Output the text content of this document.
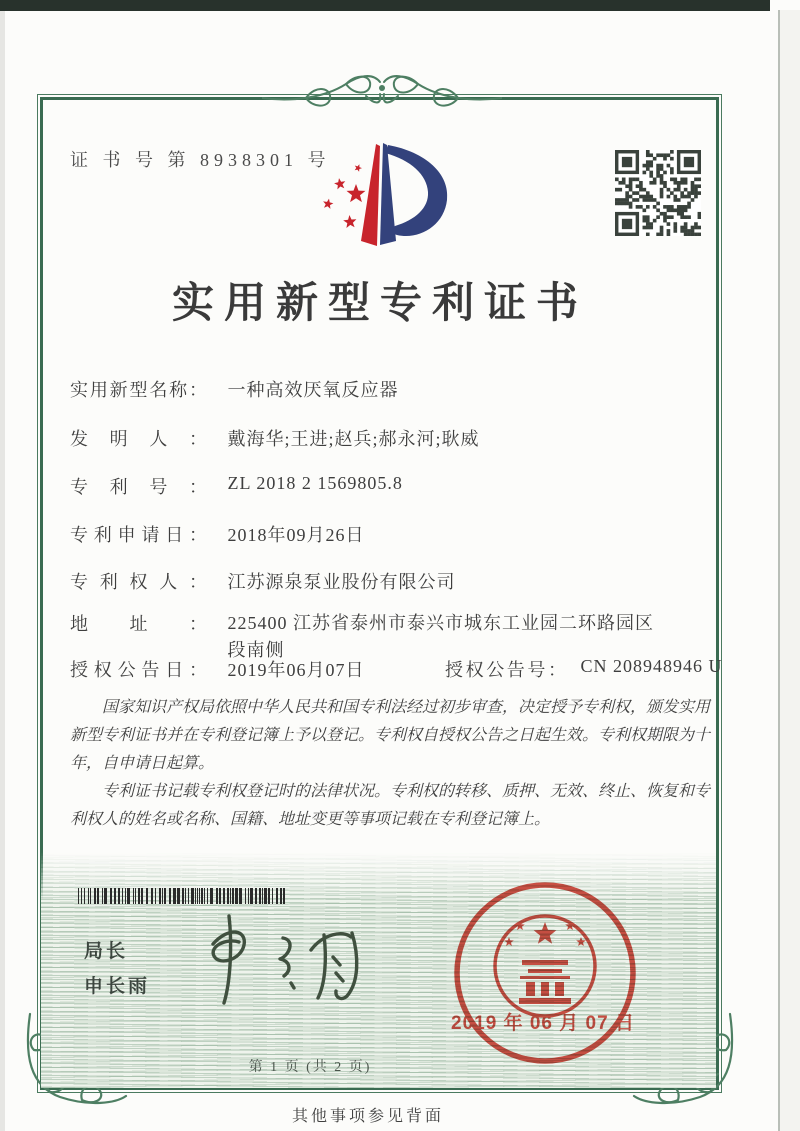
证 书 号 第 8938301 号
实用新型专利证书
实用新型名称： 一种高效厌氧反应器
发明人： 戴海华;王进;赵兵;郝永河;耿威
专利号： ZL 2018 2 1569805.8
专利申请日： 2018年09月26日
专利权人： 江苏源泉泵业股份有限公司
地址： 225400 江苏省泰州市泰兴市城东工业园二环路园区段南侧
授权公告日： 2019年06月07日	授权公告号： CN 208948946 U

国家知识产权局依照中华人民共和国专利法经过初步审查，决定授予专利权，颁发实用新型专利证书并在专利登记簿上予以登记。专利权自授权公告之日起生效。专利权期限为十年，自申请日起算。

专利证书记载专利权登记时的法律状况。专利权的转移、质押、无效、终止、恢复和专利权人的姓名或名称、国籍、地址变更等事项记载在专利登记簿上。

局长
申长雨
2019 年 06 月 07 日
第 1 页 (共 2 页)
其他事项参见背面
